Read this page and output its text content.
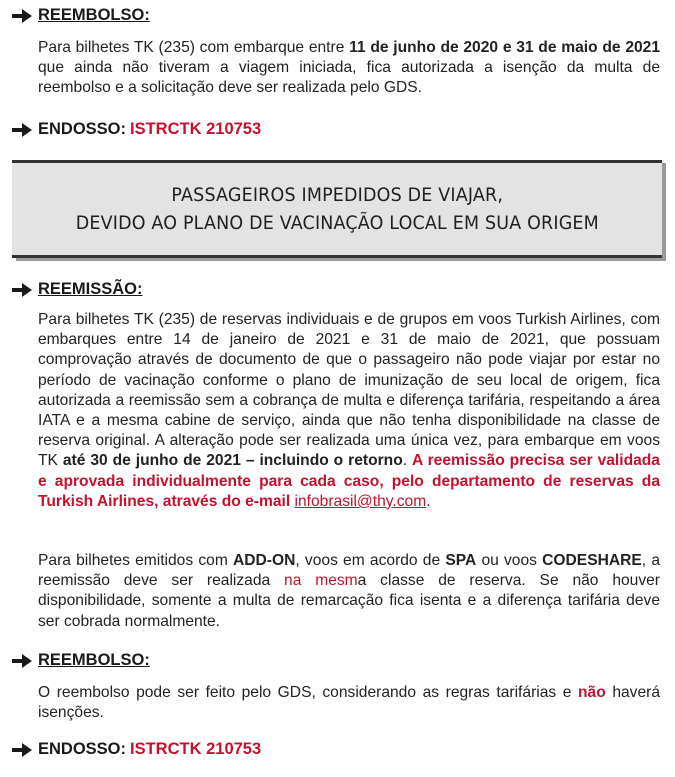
REEMBOLSO:
Para bilhetes TK (235) com embarque entre 11 de junho de 2020 e 31 de maio de 2021 que ainda não tiveram a viagem iniciada, fica autorizada a isenção da multa de reembolso e a solicitação deve ser realizada pelo GDS.
ENDOSSO: ISTRCTK 210753
PASSAGEIROS IMPEDIDOS DE VIAJAR,
DEVIDO AO PLANO DE VACINAÇÃO LOCAL EM SUA ORIGEM
REEMISSÃO:
Para bilhetes TK (235) de reservas individuais e de grupos em voos Turkish Airlines, com embarques entre 14 de janeiro de 2021 e 31 de maio de 2021, que possuam comprovação através de documento de que o passageiro não pode viajar por estar no período de vacinação conforme o plano de imunização de seu local de origem, fica autorizada a reemissão sem a cobrança de multa e diferença tarifária, respeitando a área IATA e a mesma cabine de serviço, ainda que não tenha disponibilidade na classe de reserva original. A alteração pode ser realizada uma única vez, para embarque em voos TK até 30 de junho de 2021 – incluindo o retorno. A reemissão precisa ser validada e aprovada individualmente para cada caso, pelo departamento de reservas da Turkish Airlines, através do e-mail infobrasil@thy.com.
Para bilhetes emitidos com ADD-ON, voos em acordo de SPA ou voos CODESHARE, a reemissão deve ser realizada na mesma classe de reserva. Se não houver disponibilidade, somente a multa de remarcação fica isenta e a diferença tarifária deve ser cobrada normalmente.
REEMBOLSO:
O reembolso pode ser feito pelo GDS, considerando as regras tarifárias e não haverá isenções.
ENDOSSO: ISTRCTK 210753
